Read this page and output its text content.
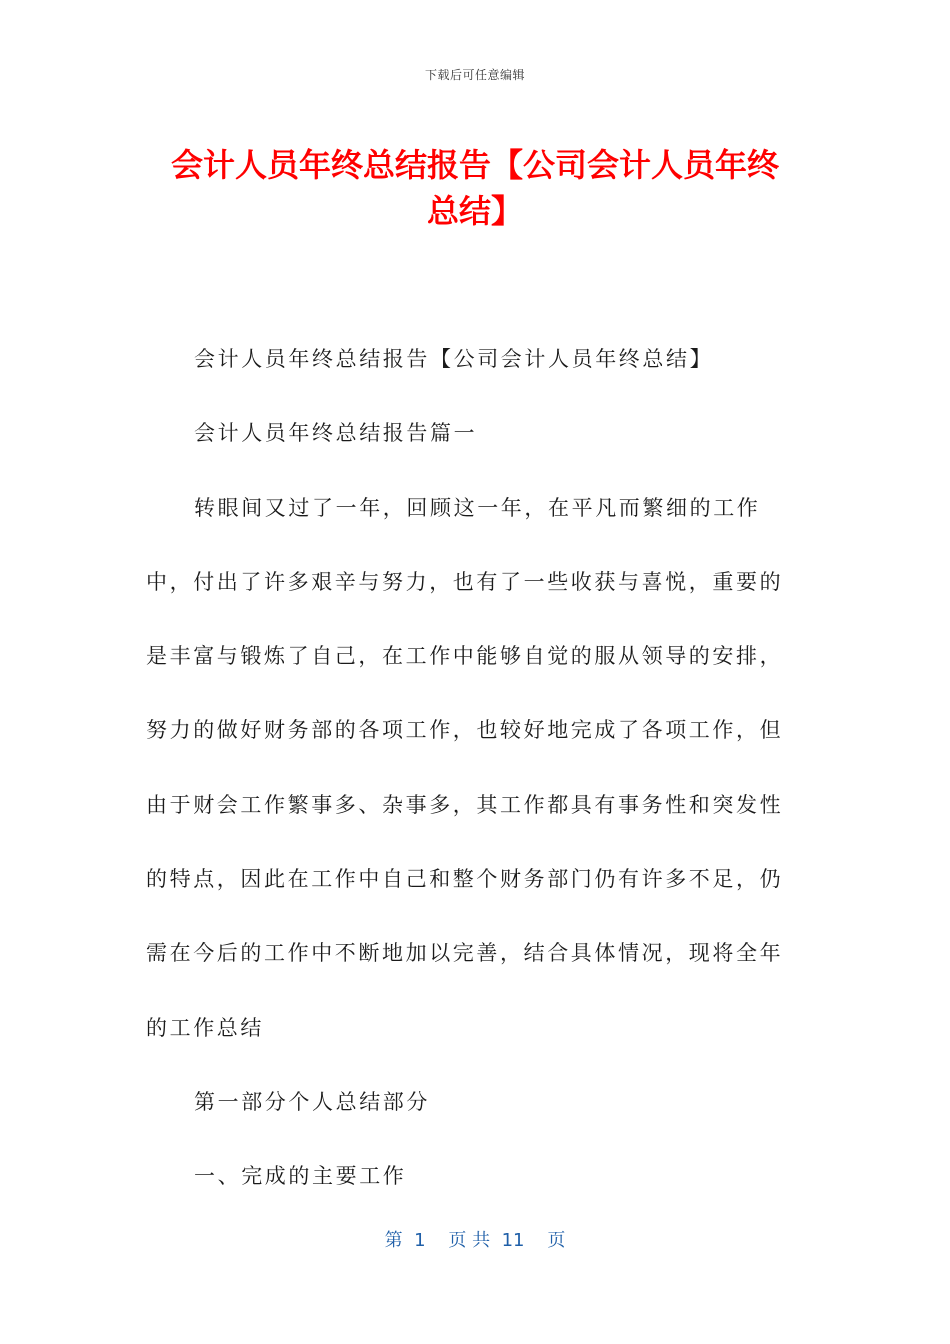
下载后可任意编辑
会计人员年终总结报告【公司会计人员年终
总结】

会计人员年终总结报告【公司会计人员年终总结】

会计人员年终总结报告篇一

转眼间又过了一年，回顾这一年，在平凡而繁细的工作中，付出了许多艰辛与努力，也有了一些收获与喜悦，重要的是丰富与锻炼了自己，在工作中能够自觉的服从领导的安排，努力的做好财务部的各项工作，也较好地完成了各项工作，但由于财会工作繁事多、杂事多，其工作都具有事务性和突发性的特点，因此在工作中自己和整个财务部门仍有许多不足，仍需在今后的工作中不断地加以完善，结合具体情况，现将全年的工作总结

第一部分个人总结部分

一、完成的主要工作

第  1    页 共  11    页
